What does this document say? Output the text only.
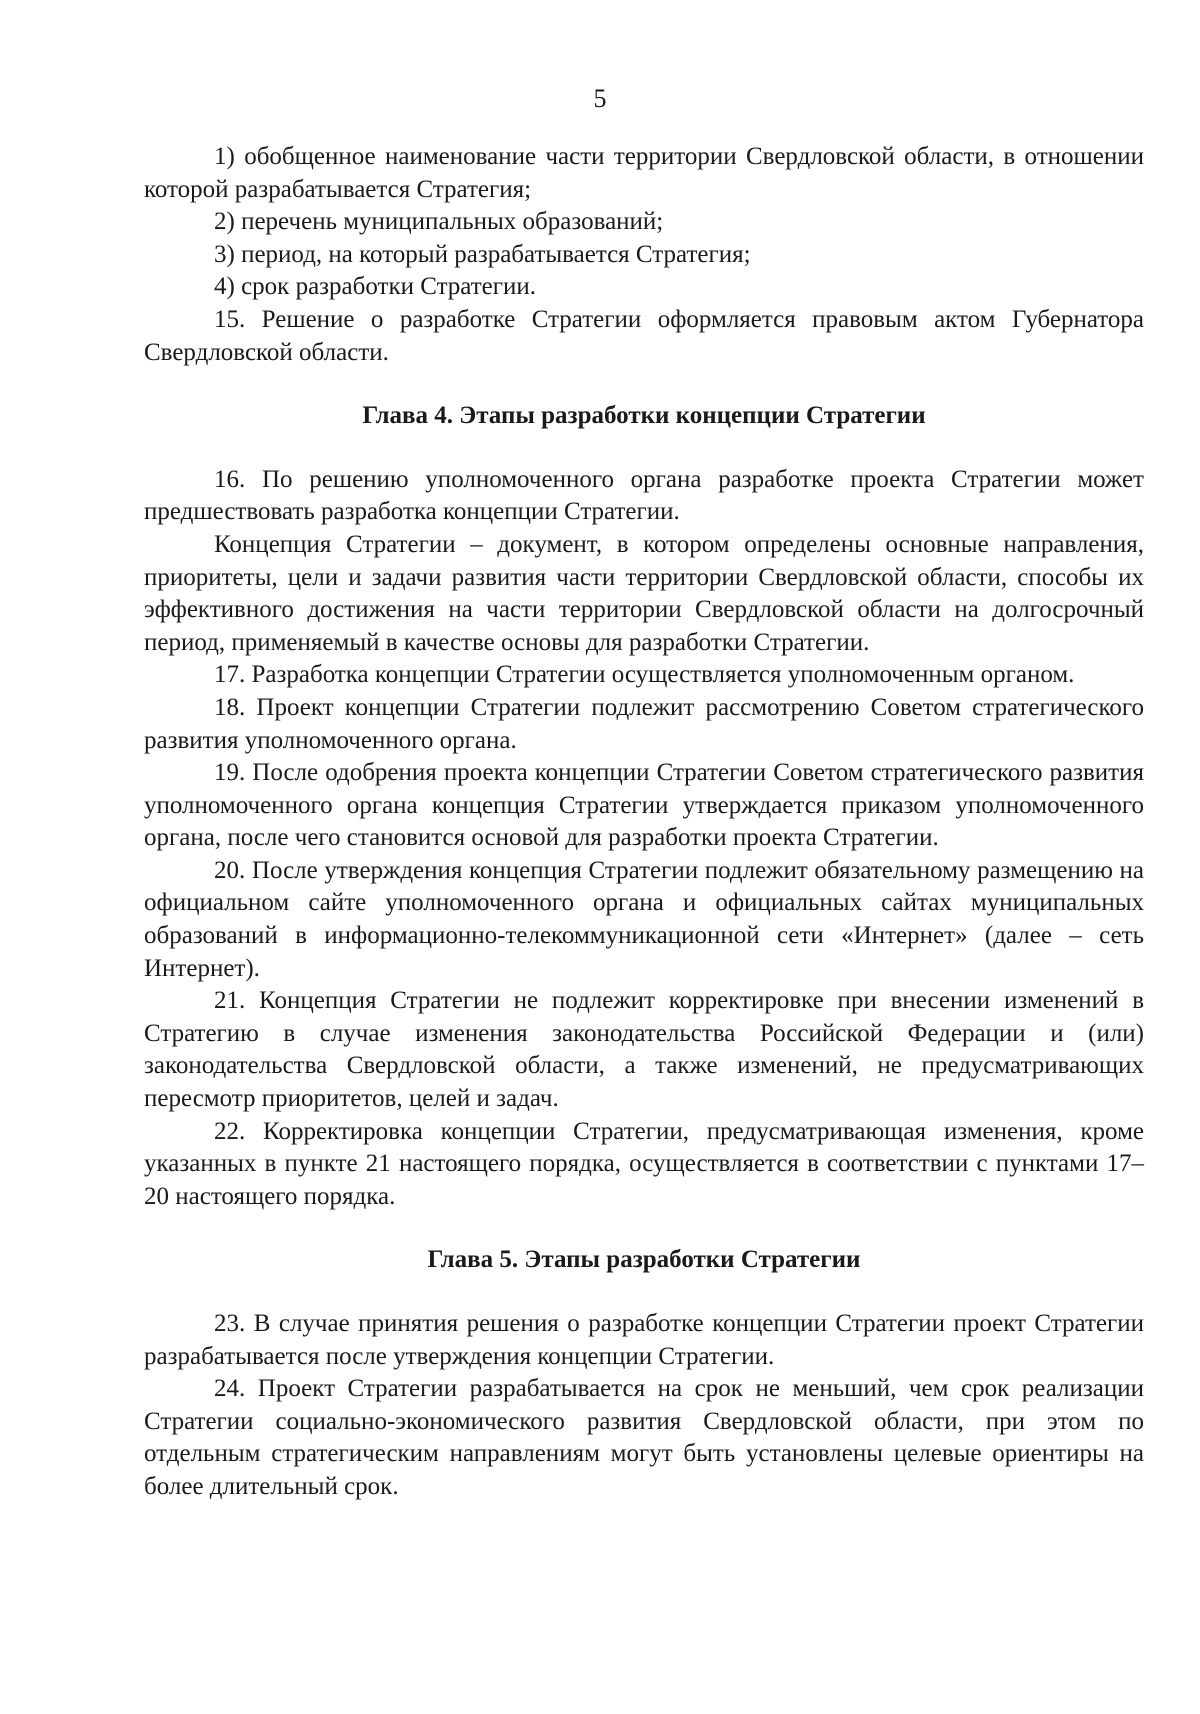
5

1) обобщенное наименование части территории Свердловской области, в отношении которой разрабатывается Стратегия;

2) перечень муниципальных образований;

3) период, на который разрабатывается Стратегия;

4) срок разработки Стратегии.

15. Решение о разработке Стратегии оформляется правовым актом Губернатора Свердловской области.

Глава 4. Этапы разработки концепции Стратегии

16. По решению уполномоченного органа разработке проекта Стратегии может предшествовать разработка концепции Стратегии.

Концепция Стратегии – документ, в котором определены основные направления, приоритеты, цели и задачи развития части территории Свердловской области, способы их эффективного достижения на части территории Свердловской области на долгосрочный период, применяемый в качестве основы для разработки Стратегии.

17. Разработка концепции Стратегии осуществляется уполномоченным органом.

18. Проект концепции Стратегии подлежит рассмотрению Советом стратегического развития уполномоченного органа.

19. После одобрения проекта концепции Стратегии Советом стратегического развития уполномоченного органа концепция Стратегии утверждается приказом уполномоченного органа, после чего становится основой для разработки проекта Стратегии.

20. После утверждения концепция Стратегии подлежит обязательному размещению на официальном сайте уполномоченного органа и официальных сайтах муниципальных образований в информационно-телекоммуникационной сети «Интернет» (далее – сеть Интернет).

21. Концепция Стратегии не подлежит корректировке при внесении изменений в Стратегию в случае изменения законодательства Российской Федерации и (или) законодательства Свердловской области, а также изменений, не предусматривающих пересмотр приоритетов, целей и задач.

22. Корректировка концепции Стратегии, предусматривающая изменения, кроме указанных в пункте 21 настоящего порядка, осуществляется в соответствии с пунктами 17–20 настоящего порядка.

Глава 5. Этапы разработки Стратегии

23. В случае принятия решения о разработке концепции Стратегии проект Стратегии разрабатывается после утверждения концепции Стратегии.

24. Проект Стратегии разрабатывается на срок не меньший, чем срок реализации Стратегии социально-экономического развития Свердловской области, при этом по отдельным стратегическим направлениям могут быть установлены целевые ориентиры на более длительный срок.
